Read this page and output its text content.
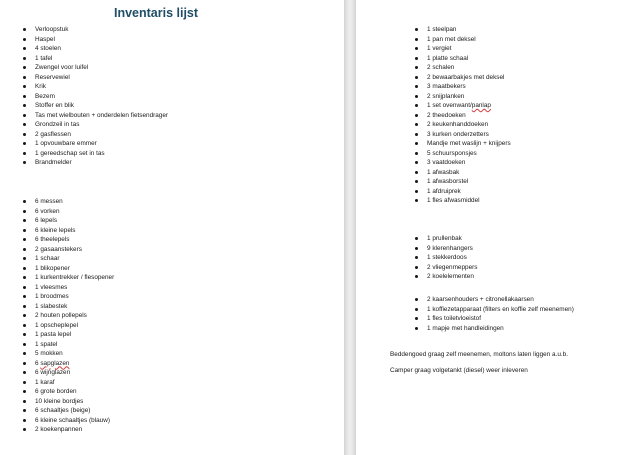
Inventaris lijst
Verloopstuk
Haspel
4 stoelen
1 tafel
Zwengel voor luifel
Reservewiel
Krik
Bezem
Stoffer en blik
Tas met wielbouten + onderdelen fietsendrager
Grondzeil in tas
2 gasflessen
1 opvouwbare emmer
1 gereedschap set in tas
Brandmelder
6 messen
6 vorken
6 lepels
6 kleine lepels
6 theelepels
2 gasaanstekers
1 schaar
1 blikopener
1 kurkentrekker / flesopener
1 vleesmes
1 broodmes
1 slabestek
2 houten pollepels
1 opscheplepel
1 pasta lepel
1 spatel
5 mokken
6 sapglazen
6 wijnglazen
1 karaf
6 grote borden
10 kleine bordjes
6 schaaltjes (beige)
6 kleine schaaltjes (blauw)
2 koekenpannen
1 steelpan
1 pan met deksel
1 vergiet
1 platte schaal
2 schalen
2 bewaarbakjes met deksel
3 maatbekers
2 snijplanken
1 set ovenwant/panlap
2 theedoeken
2 keukenhanddoeken
3 kurken onderzetters
Mandje met waslijn + knijpers
5 schuursponsjes
3 vaatdoeken
1 afwasbak
1 afwasborstel
1 afdruiprek
1 fles afwasmiddel
1 prullenbak
9 klerenhangers
1 stekkerdoos
2 vliegenmeppers
2 koelelementen
2 kaarsenhouders + citronellakaarsen
1 koffiezetapparaat (filters en koffie zelf meenemen)
1 fles toiletvloeistof
1 mapje met handleidingen

Beddengoed graag zelf meenemen, moltons laten liggen a.u.b.

Camper graag volgetankt (diesel) weer inleveren
